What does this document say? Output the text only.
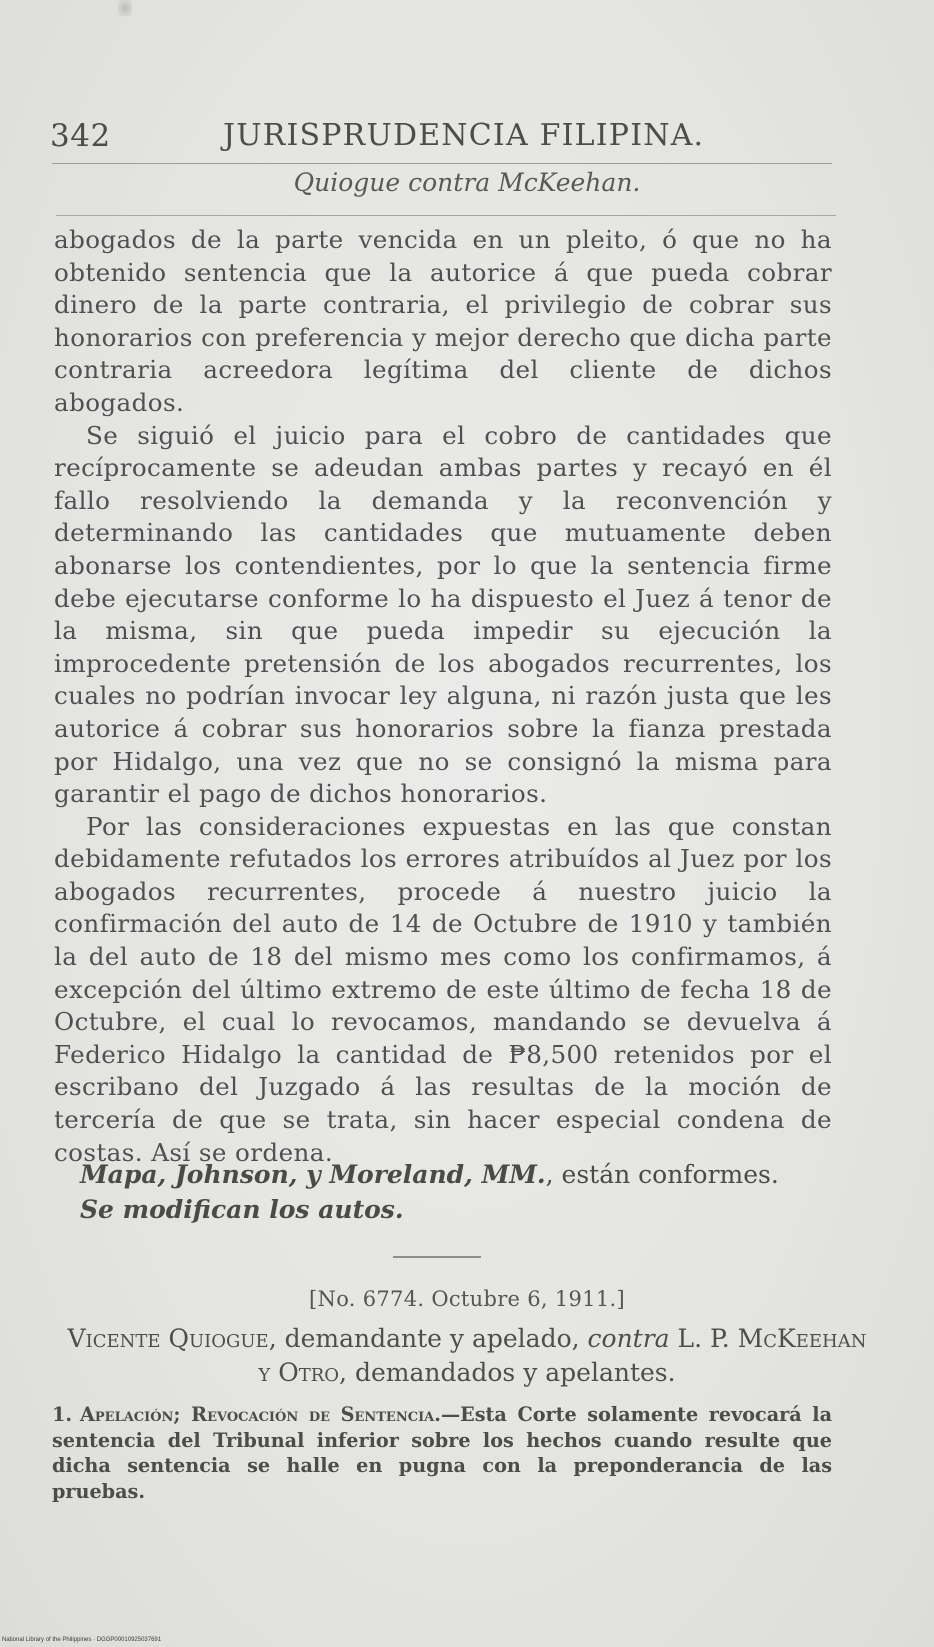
342	JURISPRUDENCIA FILIPINA.
Quiogue contra McKeehan.

abogados de la parte vencida en un pleito, ó que no ha obtenido sentencia que la autorice á que pueda cobrar dinero de la parte contraria, el privilegio de cobrar sus honorarios con preferencia y mejor derecho que dicha parte contraria acreedora legítima del cliente de dichos abogados.

Se siguió el juicio para el cobro de cantidades que recíprocamente se adeudan ambas partes y recayó en él fallo resolviendo la demanda y la reconvención y determinando las cantidades que mutuamente deben abonarse los contendientes, por lo que la sentencia firme debe ejecutarse conforme lo ha dispuesto el Juez á tenor de la misma, sin que pueda impedir su ejecución la improcedente pretensión de los abogados recurrentes, los cuales no podrían invocar ley alguna, ni razón justa que les autorice á cobrar sus honorarios sobre la fianza prestada por Hidalgo, una vez que no se consignó la misma para garantir el pago de dichos honorarios.

Por las consideraciones expuestas en las que constan debidamente refutados los errores atribuídos al Juez por los abogados recurrentes, procede á nuestro juicio la confirmación del auto de 14 de Octubre de 1910 y también la del auto de 18 del mismo mes como los confirmamos, á excepción del último extremo de este último de fecha 18 de Octubre, el cual lo revocamos, mandando se devuelva á Federico Hidalgo la cantidad de ₱8,500 retenidos por el escribano del Juzgado á las resultas de la moción de tercería de que se trata, sin hacer especial condena de costas. Así se ordena.

Mapa, Johnson, y Moreland, MM., están conformes.
Se modifican los autos.
[No. 6774. Octubre 6, 1911.]
Vicente Quiogue, demandante y apelado, contra L. P. McKeehan y Otro, demandados y apelantes.
1. Apelación; Revocación de Sentencia.—Esta Corte solamente revocará la sentencia del Tribunal inferior sobre los hechos cuando resulte que dicha sentencia se halle en pugna con la preponderancia de las pruebas.
National Library of the Philippines · DGGP00010925037691
